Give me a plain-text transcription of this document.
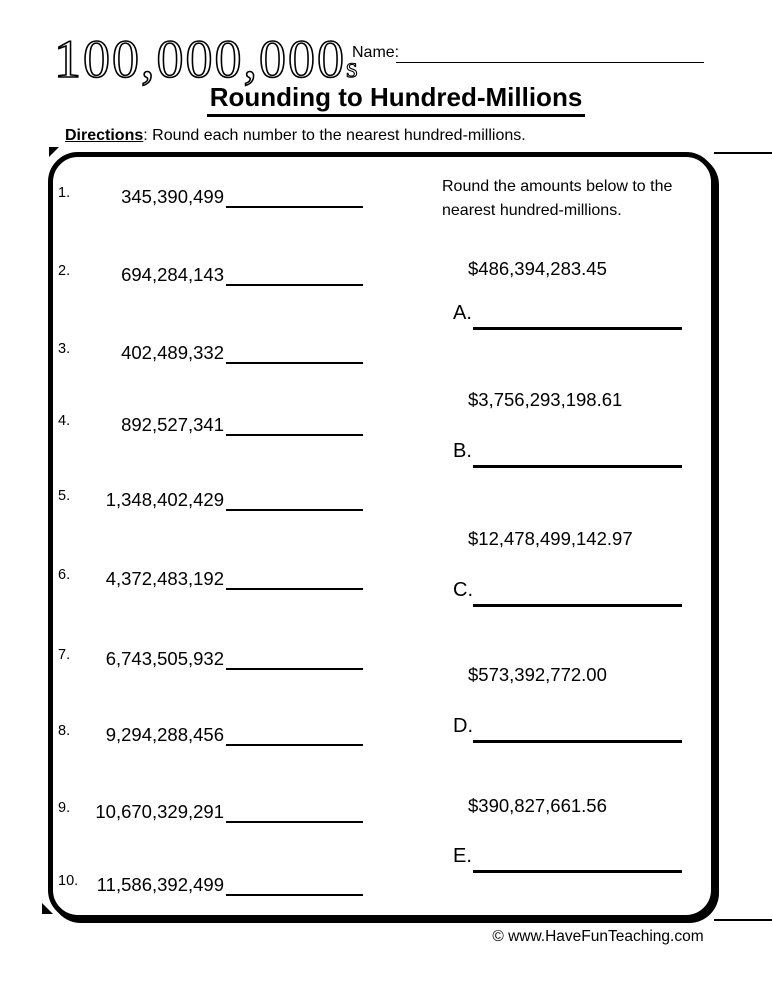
100,000,000s
Name:
Rounding to Hundred-Millions
Directions: Round each number to the nearest hundred-millions.
1.	345,390,499
2.	694,284,143
3.	402,489,332
4.	892,527,341
5. 1,348,402,429
6. 4,372,483,192
7. 6,743,505,932
8. 9,294,288,456
9. 10,670,329,291
10. 11,586,392,499
Round the amounts below to the
nearest hundred-millions.
$486,394,283.45
A.
$3,756,293,198.61
B.
$12,478,499,142.97
C.
$573,392,772.00
D.
$390,827,661.56
E.
© www.HaveFunTeaching.com
